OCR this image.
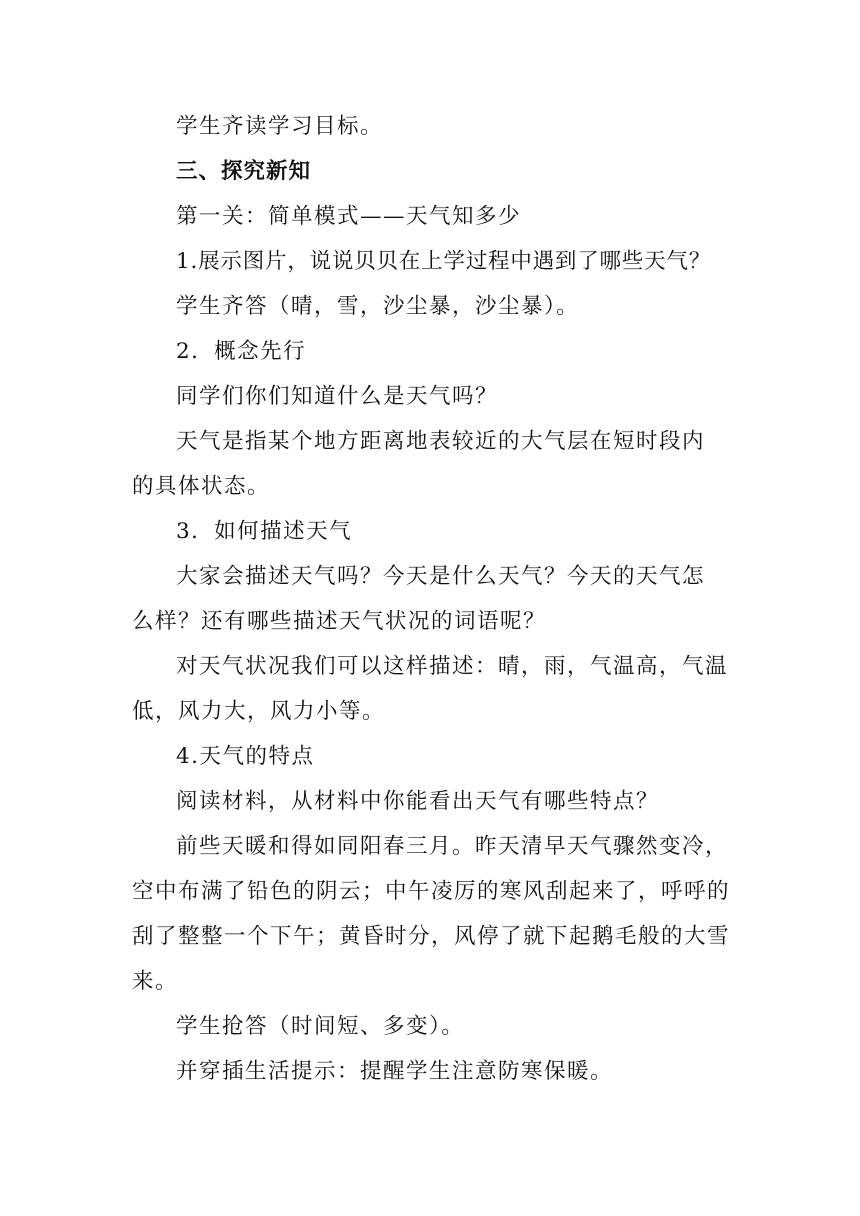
学生齐读学习目标。
三、探究新知
第一关：简单模式——天气知多少
1.展示图片，说说贝贝在上学过程中遇到了哪些天气？
学生齐答（晴，雪，沙尘暴，沙尘暴）。
2．概念先行
同学们你们知道什么是天气吗？
天气是指某个地方距离地表较近的大气层在短时段内
的具体状态。
3．如何描述天气
大家会描述天气吗？今天是什么天气？今天的天气怎
么样？还有哪些描述天气状况的词语呢？
对天气状况我们可以这样描述：晴，雨，气温高，气温
低，风力大，风力小等。
4.天气的特点
阅读材料，从材料中你能看出天气有哪些特点？
前些天暖和得如同阳春三月。昨天清早天气骤然变冷，
空中布满了铅色的阴云；中午凌厉的寒风刮起来了，呼呼的
刮了整整一个下午；黄昏时分，风停了就下起鹅毛般的大雪
来。
学生抢答（时间短、多变）。
并穿插生活提示：提醒学生注意防寒保暖。
